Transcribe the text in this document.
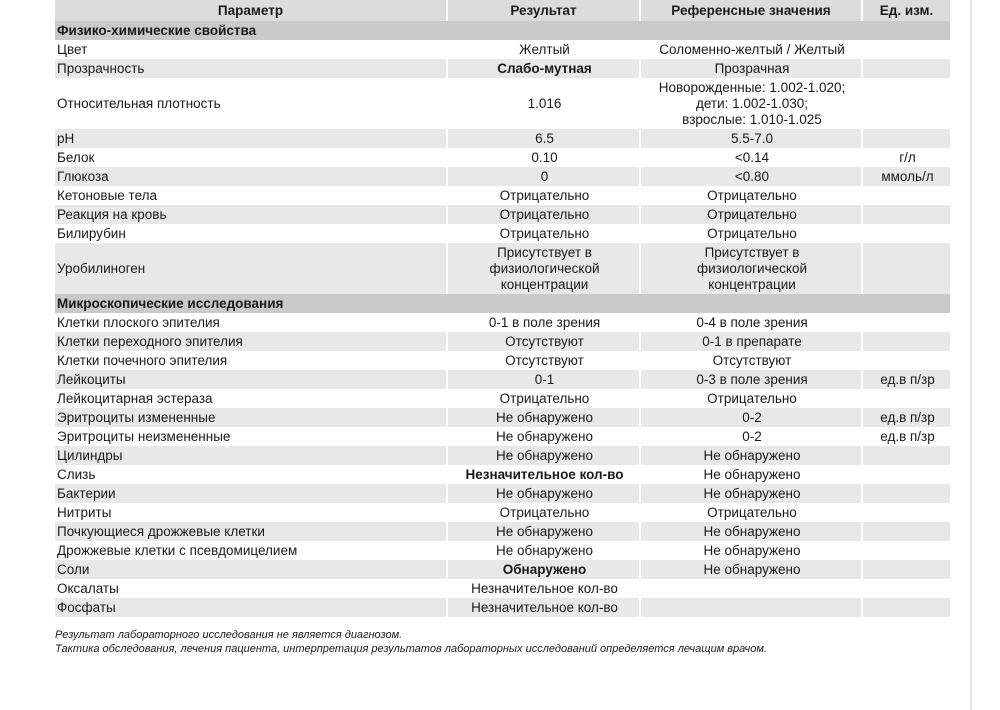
Параметр	Результат	Референсные значения	Ед. изм.
Физико-химические свойства			
Цвет	Желтый	Соломенно-желтый / Желтый	
Прозрачность	Слабо-мутная	Прозрачная	
Относительная плотность	1.016	Новорожденные: 1.002-1.020;
дети: 1.002-1.030;
взрослые: 1.010-1.025	
pH	6.5	5.5-7.0	
Белок	0.10	<0.14	г/л
Глюкоза	0	<0.80	ммоль/л
Кетоновые тела	Отрицательно	Отрицательно	
Реакция на кровь	Отрицательно	Отрицательно	
Билирубин	Отрицательно	Отрицательно	
Уробилиноген	Присутствует в
физиологической
концентрации	Присутствует в
физиологической
концентрации	
Микроскопические исследования			
Клетки плоского эпителия	0-1 в поле зрения	0-4 в поле зрения	
Клетки переходного эпителия	Отсутствуют	0-1 в препарате	
Клетки почечного эпителия	Отсутствуют	Отсутствуют	
Лейкоциты	0-1	0-3 в поле зрения	ед.в п/зр
Лейкоцитарная эстераза	Отрицательно	Отрицательно	
Эритроциты измененные	Не обнаружено	0-2	ед.в п/зр
Эритроциты неизмененные	Не обнаружено	0-2	ед.в п/зр
Цилиндры	Не обнаружено	Не обнаружено	
Слизь	Незначительное кол-во	Не обнаружено	
Бактерии	Не обнаружено	Не обнаружено	
Нитриты	Отрицательно	Отрицательно	
Почкующиеся дрожжевые клетки	Не обнаружено	Не обнаружено	
Дрожжевые клетки с псевдомицелием	Не обнаружено	Не обнаружено	
Соли	Обнаружено	Не обнаружено	
Оксалаты	Незначительное кол-во		
Фосфаты	Незначительное кол-во		
Результат лабораторного исследования не является диагнозом.
Тактика обследования, лечения пациента, интерпретация результатов лабораторных исследований определяется лечащим врачом.
